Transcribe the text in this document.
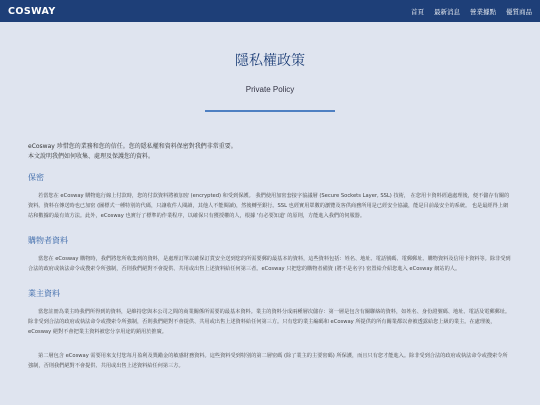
COSWAY	首頁 最新消息 營業據點 優質商品
隱私權政策
Private Policy
eCosway 珍惜您的業務和您的信任。您的隱私權和資料保密對我們非常重要。
本文說明我們如何收集、處理及保護您的資料。
保密
若當您在 eCosway 購物進行線上付款時，您的付款資料將被加密 (encrypted) 和受到保護。 我們使用加密套接字協議層 (Secure Sockets Layer, SSL) 技術， 在您用卡資料經過處理後，便不儲存有關的資料。資料在傳送時也已加密 (圖標式一種特別的代碼，只讓收件人閱讀，其他人不能閱讀)，然後轉至銀行。SSL 也經實用眾數的瀏覽及客供商務所用是已經安全協議，能是目前最安全的系統。 也是最經得上網站和數據的最有效方法。此外，eCosway 也實行了標準的作業程序，以確保只有獲授權的人，根據 '有必要知道' 的原則，方能進入我們的伺服器。
購物者資料
當您在 eCosway 購物時，我們將您所收集到的資料，是處理訂單以確保訂貨安全送到您的所需要郵的最基本的資料，這些資料包括：姓名、地址、電話號碼、電郵郵址、購物資料及信用卡資料等。除非受到合法的政府或執法命令或搜索令所強制，否則我們絕對不會提供、共用或出售上述資料給任何第三者。eCosway 只把您的購物者備資 (將不是名字) 密置給介紹您進入 eCosway 網站的人。
業主資料
當您註冊為業主時我們所得到的資料，是維持您與本公司之間的商業關係所需要的最基本資料。業主的資料分成兩種層次儲存：第一層是包含有關聯絡的資料，如姓名、身份證號碼、地址、電話及電郵郵址。除非受到合法的政府或執法命令或搜索令所強制，否則我們絕對不會提供、共用或出售上述資料給任何第三方。只有您的業主編碼和 eCosway 所提供的所有關業都以會被透露給您上級的業主。在處理後，eCosway 絕對不會把業主資料被您分享用途的銷用於推廣。
第二層包含 eCosway 需要用來支付您每月盈利及獎勵金的敏感財務資料。這些資料受到特別的第二層密碼 (除了業主的主要密碼) 所保護，而且只有您才能進入。除非受到合法的政府或執法命令或搜索令所強制，否則我們絕對不會提供、共用或出售上述資料給任何第三方。
